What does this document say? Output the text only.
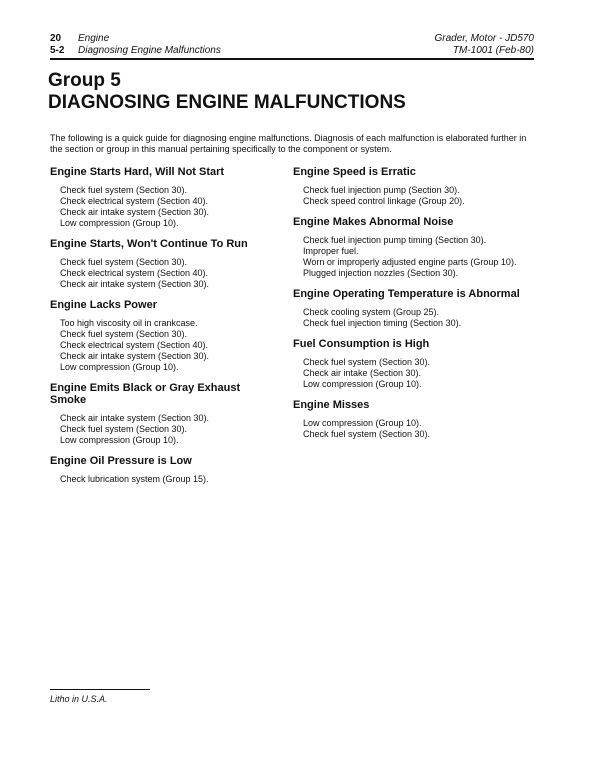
20	Engine
5-2	Diagnosing Engine Malfunctions
Grader, Motor - JD570
TM-1001 (Feb-80)
Group 5
DIAGNOSING ENGINE MALFUNCTIONS

The following is a quick guide for diagnosing engine malfunctions. Diagnosis of each malfunction is elaborated further in the section or group in this manual pertaining specifically to the component or system.

Engine Starts Hard, Will Not Start
Check fuel system (Section 30).
Check electrical system (Section 40).
Check air intake system (Section 30).
Low compression (Group 10).
Engine Starts, Won't Continue To Run
Check fuel system (Section 30).
Check electrical system (Section 40).
Check air intake system (Section 30).
Engine Lacks Power
Too high viscosity oil in crankcase.
Check fuel system (Section 30).
Check electrical system (Section 40).
Check air intake system (Section 30).
Low compression (Group 10).
Engine Emits Black or Gray Exhaust Smoke
Check air intake system (Section 30).
Check fuel system (Section 30).
Low compression (Group 10).
Engine Oil Pressure is Low
Check lubrication system (Group 15).
Engine Speed is Erratic
Check fuel injection pump (Section 30).
Check speed control linkage (Group 20).
Engine Makes Abnormal Noise
Check fuel injection pump timing (Section 30).
Improper fuel.
Worn or improperly adjusted engine parts (Group 10).
Plugged injection nozzles (Section 30).
Engine Operating Temperature is Abnormal
Check cooling system (Group 25).
Check fuel injection timing (Section 30).
Fuel Consumption is High
Check fuel system (Section 30).
Check air intake (Section 30).
Low compression (Group 10).
Engine Misses
Low compression (Group 10).
Check fuel system (Section 30).
Litho in U.S.A.
